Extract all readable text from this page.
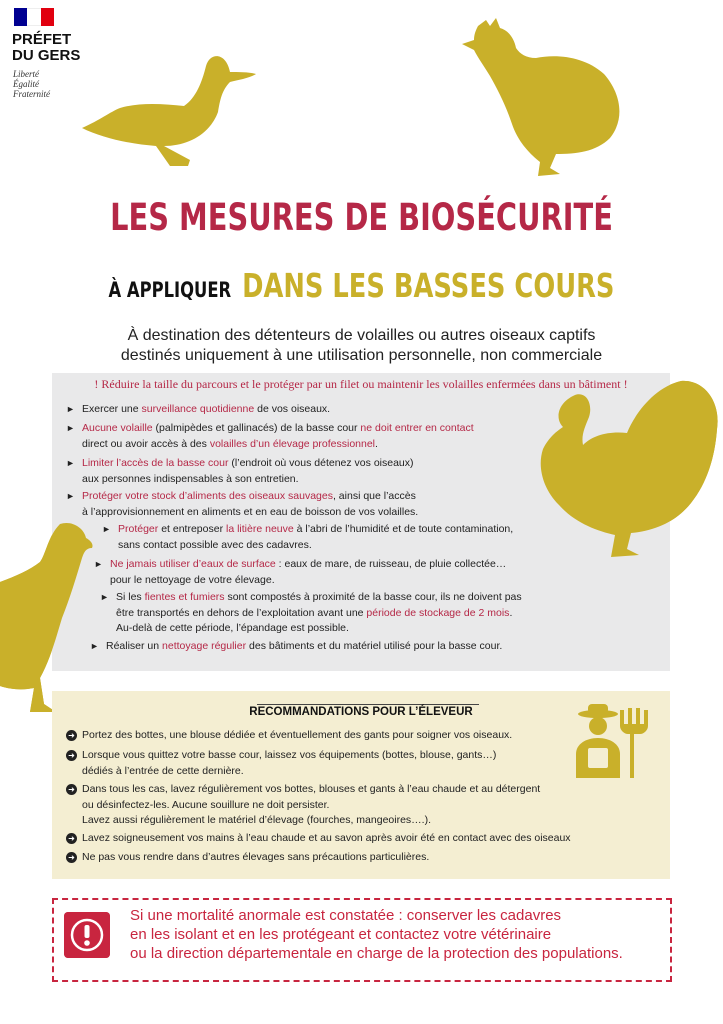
PRÉFET
DU GERS
Liberté
Égalité
Fraternité
LES MESURES DE BIOSÉCURITÉ
À APPLIQUER DANS LES BASSES COURS
À destination des détenteurs de volailles ou autres oiseaux captifs
destinés uniquement à une utilisation personnelle, non commerciale
! Réduire la taille du parcours et le protéger par un filet ou maintenir les volailles enfermées dans un bâtiment !
► Exercer une surveillance quotidienne de vos oiseaux.
► Aucune volaille (palmipèdes et gallinacés) de la basse cour ne doit entrer en contact
direct ou avoir accès à des volailles d’un élevage professionnel.
► Limiter l’accès de la basse cour (l’endroit où vous détenez vos oiseaux)
aux personnes indispensables à son entretien.
► Protéger votre stock d’aliments des oiseaux sauvages, ainsi que l’accès
à l’approvisionnement en aliments et en eau de boisson de vos volailles.
► Protéger et entreposer la litière neuve à l’abri de l’humidité et de toute contamination,
sans contact possible avec des cadavres.
► Ne jamais utiliser d’eaux de surface : eaux de mare, de ruisseau, de pluie collectée…
pour le nettoyage de votre élevage.
► Si les fientes et fumiers sont compostés à proximité de la basse cour, ils ne doivent pas
être transportés en dehors de l’exploitation avant une période de stockage de 2 mois.
Au-delà de cette période, l’épandage est possible.
► Réaliser un nettoyage régulier des bâtiments et du matériel utilisé pour la basse cour.
RECOMMANDATIONS POUR L’ÉLEVEUR
➜ Portez des bottes, une blouse dédiée et éventuellement des gants pour soigner vos oiseaux.
➜ Lorsque vous quittez votre basse cour, laissez vos équipements (bottes, blouse, gants…)
dédiés à l’entrée de cette dernière.
➜ Dans tous les cas, lavez régulièrement vos bottes, blouses et gants à l’eau chaude et au détergent
ou désinfectez-les. Aucune souillure ne doit persister.
Lavez aussi régulièrement le matériel d’élevage (fourches, mangeoires….).
➜ Lavez soigneusement vos mains à l’eau chaude et au savon après avoir été en contact avec des oiseaux
➜ Ne pas vous rendre dans d’autres élevages sans précautions particulières.
Si une mortalité anormale est constatée : conserver les cadavres
en les isolant et en les protégeant et contactez votre vétérinaire
ou la direction départementale en charge de la protection des populations.
